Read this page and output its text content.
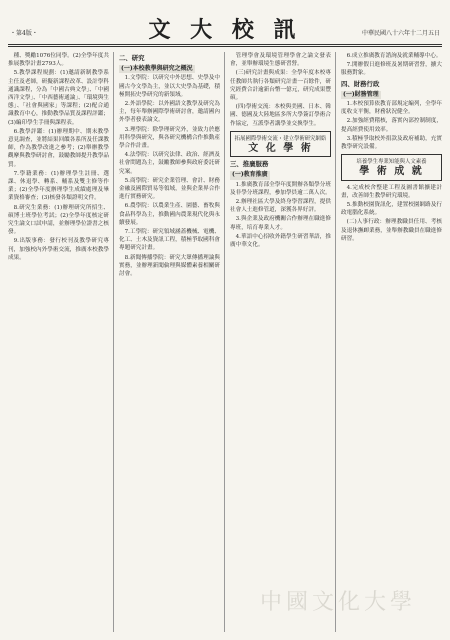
・第4版・	文 大 校 訊	中華民國八十六年十二月五日

種、獎勵1076位同學。(2)全學年度共推展教學計畫2793人。

5.教學課程規劃：(1)邀請新制教學系主任及老師，研擬新課程改革、設計學科通識課程，分為「中國古典文學」、「中國西洋文學」、「中西藝術通論」、「環境與生態」、「社會與國家」等課程；(2)配合通識教育中心，推動教學品質及課程評鑑；(3)編印學生手冊與課程表。

6.教學評鑑：(1)辦理期中、期末教學意見調查，並將結果回饋各系所及任課教師，作為教學改進之參考；(2)舉辦教學觀摩與教學研討會，鼓勵教師提升教學品質。

7.學籍業務：(1)辦理學生註冊、選課、休退學、轉系、輔系及雙主修等作業；(2)全學年度辦理學生成績處理及畢業資格審查；(3)核發各類證明文件。

8.研究生業務：(1)辦理研究所招生、碩博士班學位考試；(2)全學年度核定研究生論文口試申請，並辦理學位證書之核發。

9.出版事務：發行校刊及教學研究專刊，加強校內外學術交流，推廣本校教學成果。

二、研究
(一)本校教學與研究之概況

1.文學院：以研究中外思想、史學及中國古今文學為主，並以大史學為基礎，積極開拓史學研究的新領域。

2.外語學院：以外國語文教學及研究為主，每年舉辦國際學術研討會，邀請國內外學者發表論文。

3.理學院：除學理研究外，並致力於應用科學與研究，與各研究機構合作推動產學合作計畫。

4.法學院：以研究法律、政治、經濟及社會問題為主，鼓勵教師參與政府委託研究案。

5.商學院：研究企業管理、會計、財務金融及國際貿易等領域，並與企業界合作進行實務研究。

6.農學院：以農業生產、園藝、畜牧與食品科學為主，推動國內農業現代化與永續發展。

7.工學院：研究領域涵蓋機械、電機、化工、土木及資訊工程，積極爭取國科會專題研究計畫。

8.新聞傳播學院：研究大眾傳播理論與實務，並辦理新聞倫理與媒體素養相關研討會。

管理學會及環境管理學會之論文發表會，並舉辦環境生態研習營。

(三)研究計畫與成果：全學年度本校專任教師共執行各類研究計畫一百餘件，研究經費合計逾新台幣一億元，研究成果豐碩。

(四)學術交流：本校與美國、日本、韓國、德國及大陸地區多所大學簽訂學術合作協定，互派學者講學並交換學生。

拓展國際學術交流・建立學術研究網絡
文 化 學 術
三、推廣服務
(一)教育推廣

1.推廣教育部全學年度開辦各類學分班及非學分班課程，參加學員逾二萬人次。

2.辦理社區大學及終身學習課程，提供社會人士進修管道，深獲各界好評。

3.與企業及政府機關合作辦理在職進修專班，培育專業人才。

4.華語中心招收外籍學生研習華語，推廣中華文化。

6.成立推廣教育諮詢及就業輔導中心。

7.開辦假日進修班及暑期研習營，擴大服務對象。

四、財務行政
(一)財務管理

1.本校預算依教育部規定編列，全學年度收支平衡，財務狀況健全。

2.加強經費稽核，落實內部控制制度，提高經費使用效率。

3.積極爭取校外捐款及政府補助，充實教學研究設備。

培養學生專業知能與人文素養
學 術 成 就

4.完成校舍整建工程及圖書館擴建計畫，改善師生教學研究環境。

5.推動校園資訊化，建置校園網路及行政電腦化系統。

(二)人事行政：辦理教職員任用、考核及退休撫卹業務，並舉辦教職員在職進修研習。

中國文化大學
